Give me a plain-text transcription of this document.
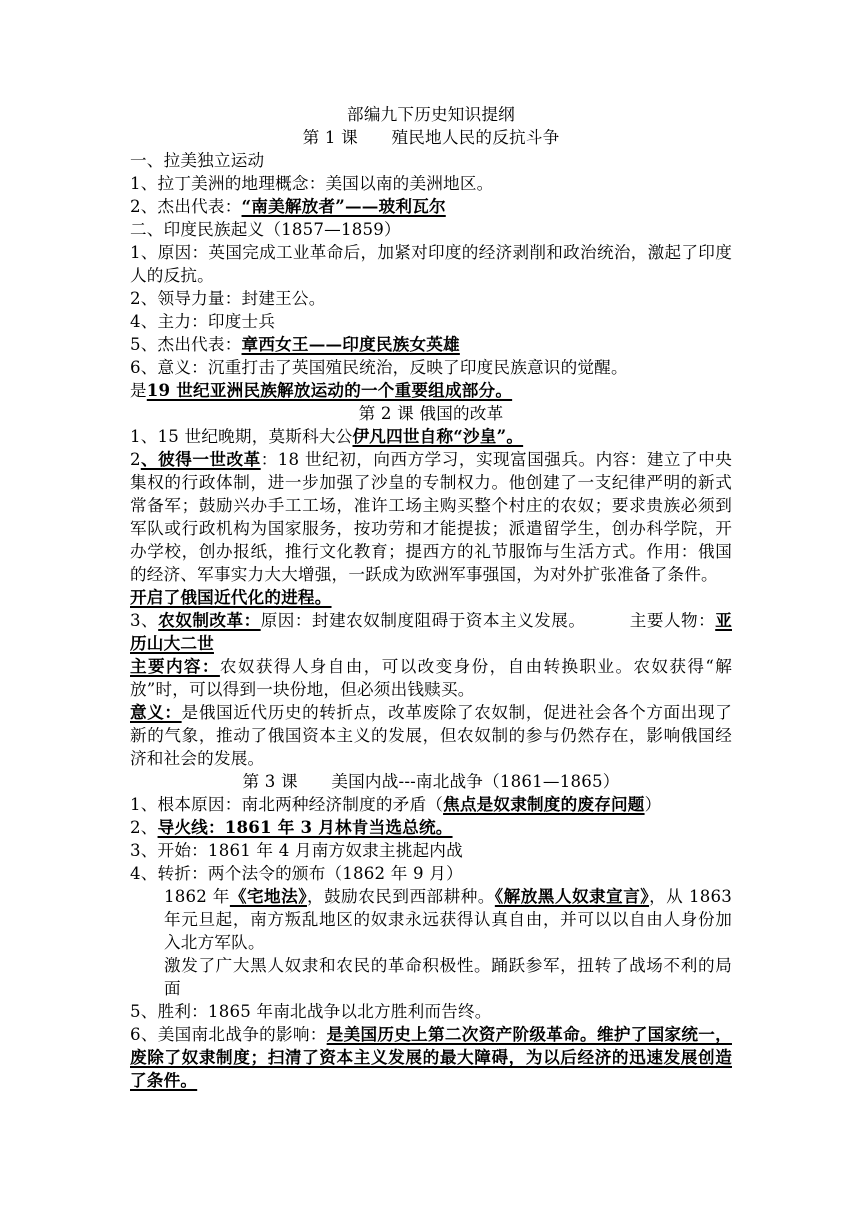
部编九下历史知识提纲
第 1 课　　 殖民地人民的反抗斗争
一、拉美独立运动
1、拉丁美洲的地理概念：美国以南的美洲地区。
2、杰出代表：“南美解放者”——玻利瓦尔
二、印度民族起义（1857—1859）
1、原因：英国完成工业革命后，加紧对印度的经济剥削和政治统治，激起了印度人的反抗。
2、领导力量：封建王公。
4、主力：印度士兵
5、杰出代表：章西女王——印度民族女英雄
6、意义：沉重打击了英国殖民统治，反映了印度民族意识的觉醒。
是19 世纪亚洲民族解放运动的一个重要组成部分。
第 2 课 俄国的改革
1、15 世纪晚期，莫斯科大公伊凡四世自称“沙皇”。
2、彼得一世改革：18 世纪初，向西方学习，实现富国强兵。内容：建立了中央集权的行政体制，进一步加强了沙皇的专制权力。他创建了一支纪律严明的新式常备军；鼓励兴办手工工场，准许工场主购买整个村庄的农奴；要求贵族必须到军队或行政机构为国家服务，按功劳和才能提拔；派遣留学生，创办科学院，开办学校，创办报纸，推行文化教育；提西方的礼节服饰与生活方式。作用：俄国的经济、军事实力大大增强，一跃成为欧洲军事强国，为对外扩张准备了条件。
开启了俄国近代化的进程。
3、农奴制改革：原因：封建农奴制度阻碍于资本主义发展。	主要人物：亚历山大二世
主要内容：农奴获得人身自由，可以改变身份，自由转换职业。农奴获得“解放”时，可以得到一块份地，但必须出钱赎买。
意义：是俄国近代历史的转折点，改革废除了农奴制，促进社会各个方面出现了新的气象，推动了俄国资本主义的发展，但农奴制的参与仍然存在，影响俄国经济和社会的发展。
第 3 课　　美国内战---南北战争（1861—1865）
1、根本原因：南北两种经济制度的矛盾（焦点是奴隶制度的废存问题）
2、导火线：1861 年 3 月林肯当选总统。
3、开始：1861 年 4 月南方奴隶主挑起内战
4、转折：两个法令的颁布（1862 年 9 月）
1862 年《宅地法》，鼓励农民到西部耕种。《解放黑人奴隶宣言》，从 1863 年元旦起，南方叛乱地区的奴隶永远获得认真自由，并可以以自由人身份加入北方军队。
激发了广大黑人奴隶和农民的革命积极性。踊跃参军，扭转了战场不利的局面
5、胜利：1865 年南北战争以北方胜利而告终。
6、美国南北战争的影响：是美国历史上第二次资产阶级革命。维护了国家统一，废除了奴隶制度；扫清了资本主义发展的最大障碍，为以后经济的迅速发展创造了条件。
